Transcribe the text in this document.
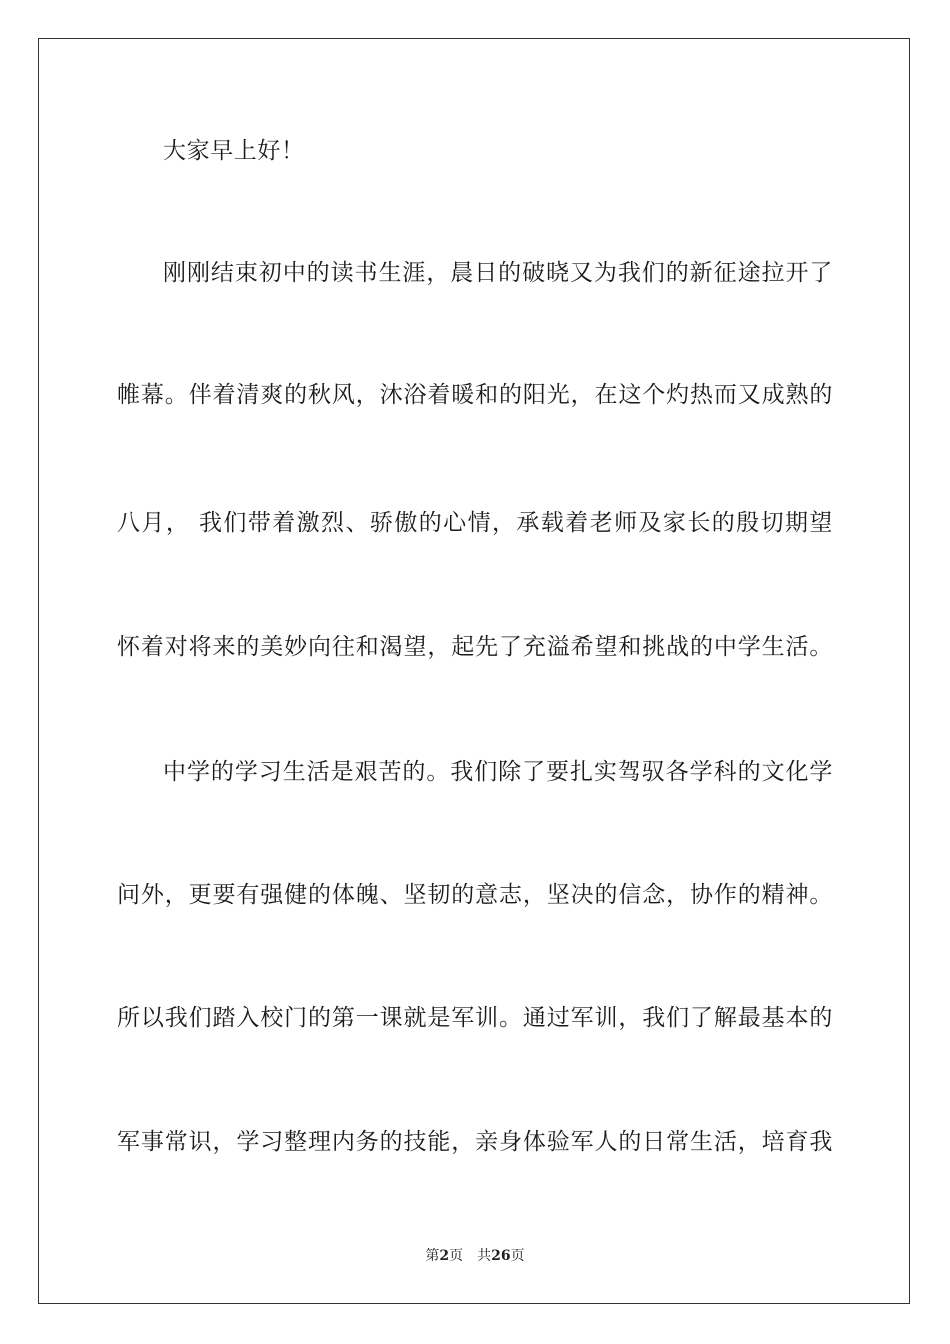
大家早上好！
刚刚结束初中的读书生涯，晨日的破晓又为我们的新征途拉开了
帷幕。伴着清爽的秋风，沐浴着暖和的阳光，在这个灼热而又成熟的
八月， 我们带着激烈、骄傲的心情，承载着老师及家长的殷切期望
怀着对将来的美妙向往和渴望，起先了充溢希望和挑战的中学生活。
中学的学习生活是艰苦的。我们除了要扎实驾驭各学科的文化学
问外，更要有强健的体魄、坚韧的意志，坚决的信念，协作的精神。
所以我们踏入校门的第一课就是军训。通过军训，我们了解最基本的
军事常识，学习整理内务的技能，亲身体验军人的日常生活，培育我
第2页 共26页
